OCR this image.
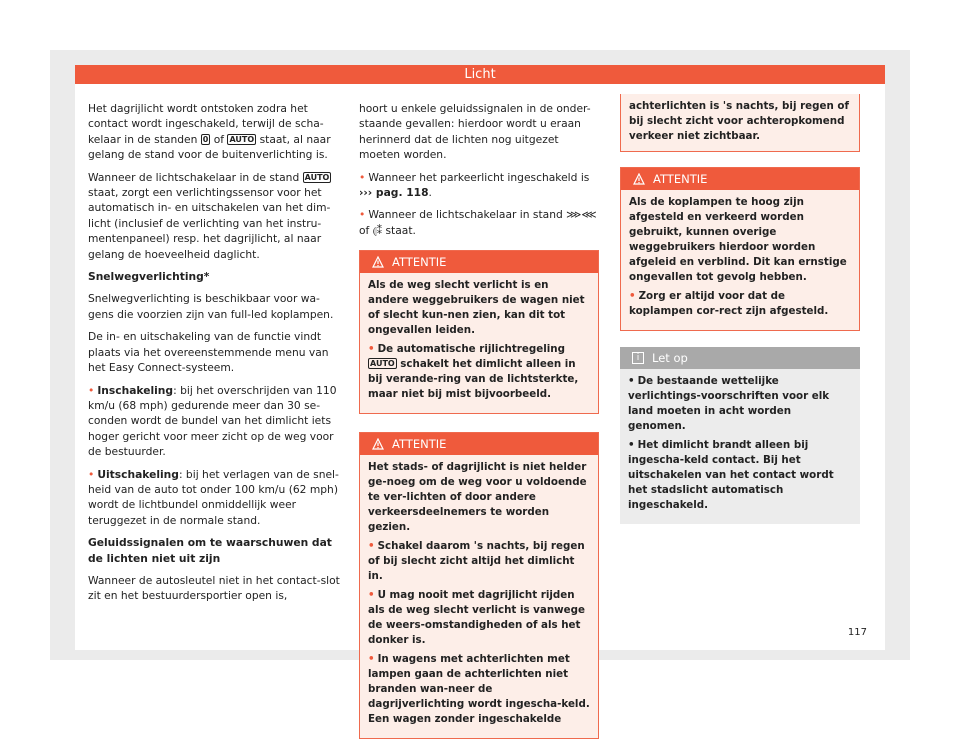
Licht

Het dagrijlicht wordt ontstoken zodra het contact wordt ingeschakeld, terwijl de scha-kelaar in de standen 0 of AUTO staat, al naar gelang de stand voor de buitenverlichting is.

Wanneer de lichtschakelaar in de stand AUTO staat, zorgt een verlichtingssensor voor het automatisch in- en uitschakelen van het dim-licht (inclusief de verlichting van het instru-mentenpaneel) resp. het dagrijlicht, al naar gelang de hoeveelheid daglicht.

Snelwegverlichting*

Snelwegverlichting is beschikbaar voor wa-gens die voorzien zijn van full-led koplampen.

De in- en uitschakeling van de functie vindt plaats via het overeenstemmende menu van het Easy Connect-systeem.

• Inschakeling: bij het overschrijden van 110 km/u (68 mph) gedurende meer dan 30 se-conden wordt de bundel van het dimlicht iets hoger gericht voor meer zicht op de weg voor de bestuurder.

• Uitschakeling: bij het verlagen van de snel-heid van de auto tot onder 100 km/u (62 mph) wordt de lichtbundel onmiddellijk weer teruggezet in de normale stand.

Geluidssignalen om te waarschuwen dat de lichten niet uit zijn

Wanneer de autosleutel niet in het contact-slot zit en het bestuurdersportier open is,

hoort u enkele geluidssignalen in de onder-staande gevallen: hierdoor wordt u eraan herinnerd dat de lichten nog uitgezet moeten worden.

• Wanneer het parkeerlicht ingeschakeld is ››› pag. 118.

• Wanneer de lichtschakelaar in stand ⋙⋘ of ⦇⁑ staat.

ATTENTIE

Als de weg slecht verlicht is en andere weggebruikers de wagen niet of slecht kun-nen zien, kan dit tot ongevallen leiden.

• De automatische rijlichtregeling AUTO schakelt het dimlicht alleen in bij verande-ring van de lichtsterkte, maar niet bij mist bijvoorbeeld.

ATTENTIE

Het stads- of dagrijlicht is niet helder ge-noeg om de weg voor u voldoende te ver-lichten of door andere verkeersdeelnemers te worden gezien.

• Schakel daarom 's nachts, bij regen of bij slecht zicht altijd het dimlicht in.

• U mag nooit met dagrijlicht rijden als de weg slecht verlicht is vanwege de weers-omstandigheden of als het donker is.

• In wagens met achterlichten met lampen gaan de achterlichten niet branden wan-neer de dagrijverlichting wordt ingescha-keld. Een wagen zonder ingeschakelde

achterlichten is 's nachts, bij regen of bij slecht zicht voor achteropkomend verkeer niet zichtbaar.
ATTENTIE

Als de koplampen te hoog zijn afgesteld en verkeerd worden gebruikt, kunnen overige weggebruikers hierdoor worden afgeleid en verblind. Dit kan ernstige ongevallen tot gevolg hebben.

• Zorg er altijd voor dat de koplampen cor-rect zijn afgesteld.

i	Let op

• De bestaande wettelijke verlichtings-voorschriften voor elk land moeten in acht worden genomen.

• Het dimlicht brandt alleen bij ingescha-keld contact. Bij het uitschakelen van het contact wordt het stadslicht automatisch ingeschakeld.

117
